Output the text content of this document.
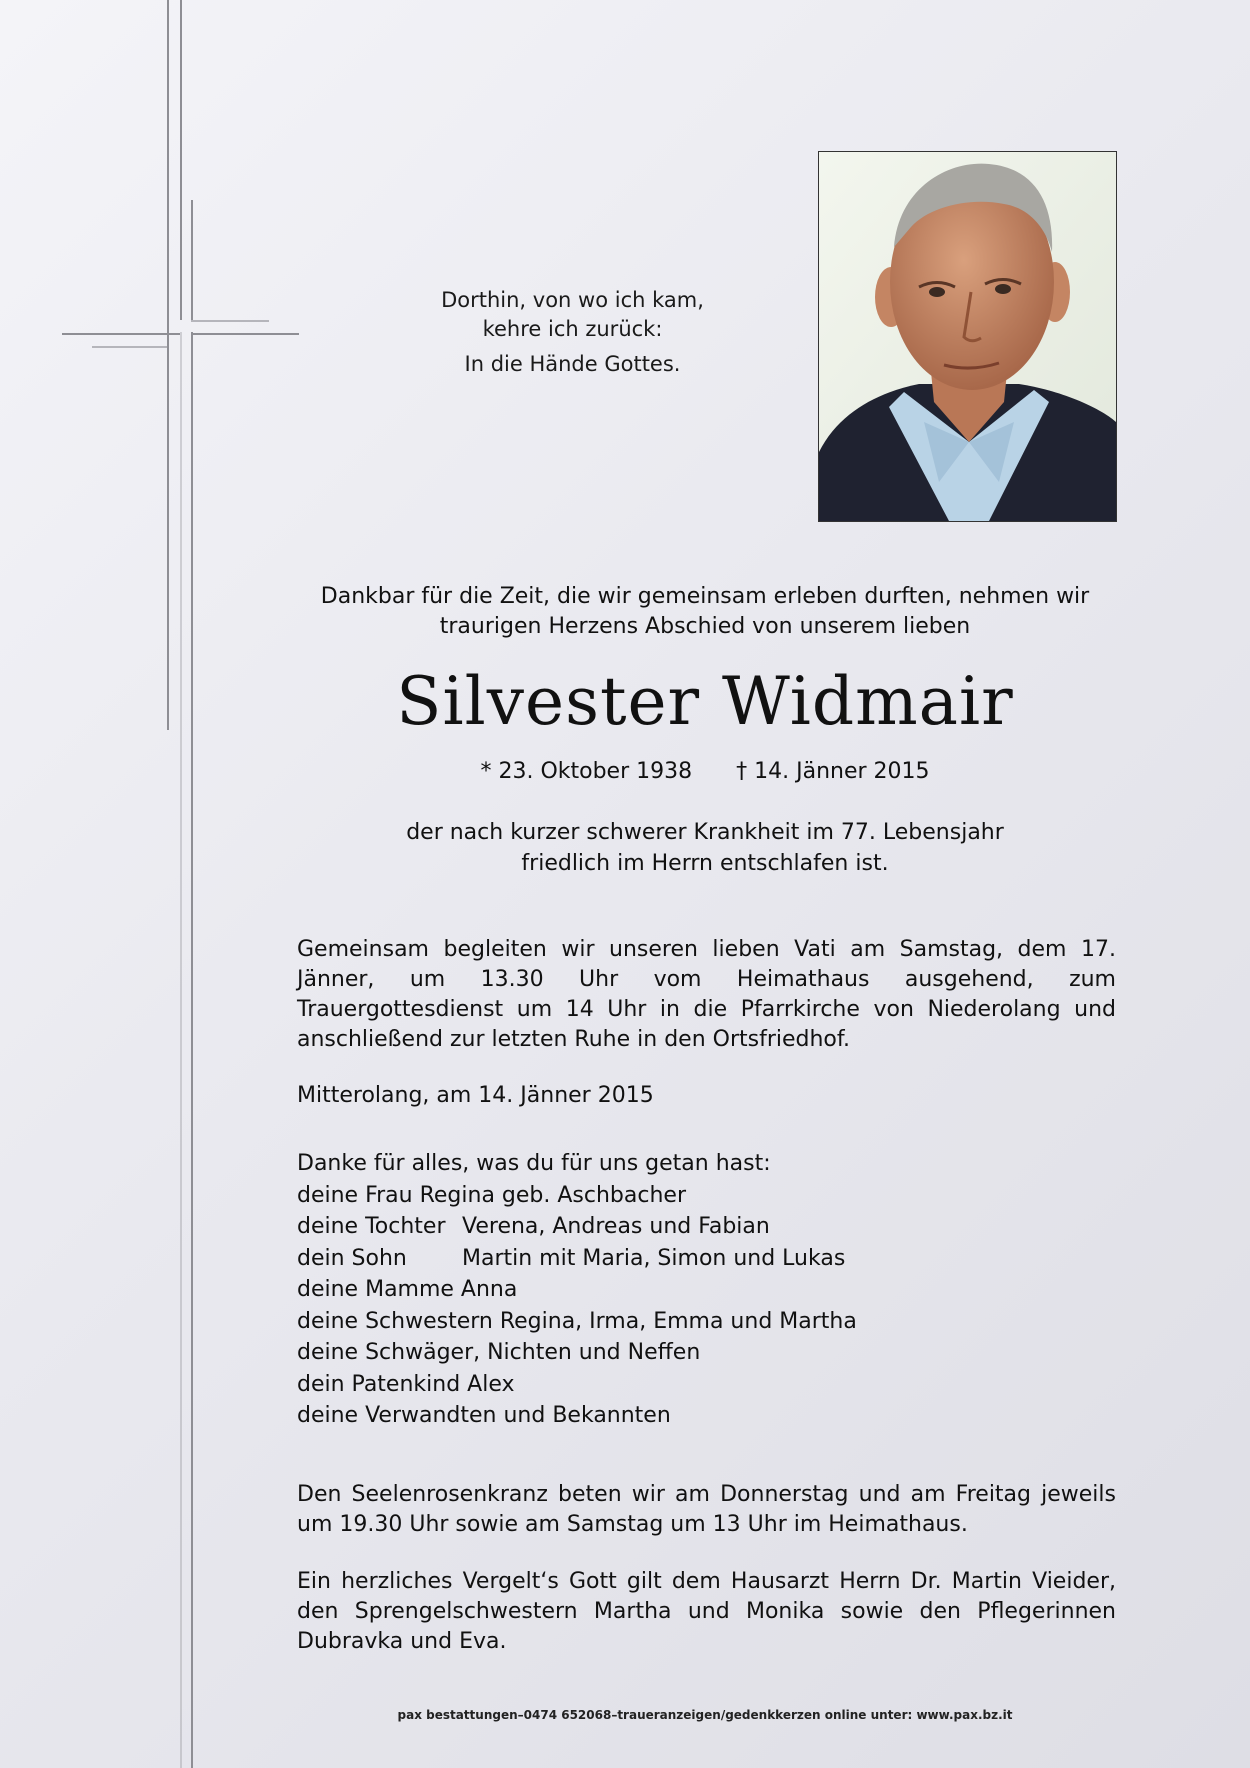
Dorthin, von wo ich kam,
kehre ich zurück:
In die Hände Gottes.
Dankbar für die Zeit, die wir gemeinsam erleben durften, nehmen wir
traurigen Herzens Abschied von unserem lieben
Silvester Widmair
* 23. Oktober 1938 † 14. Jänner 2015
der nach kurzer schwerer Krankheit im 77. Lebensjahr
friedlich im Herrn entschlafen ist.
Gemeinsam begleiten wir unseren lieben Vati am Samstag, dem 17. Jänner, um 13.30 Uhr vom Heimathaus ausgehend, zum Trauergottesdienst um 14 Uhr in die Pfarrkirche von Niederolang und anschließend zur letzten Ruhe in den Ortsfriedhof.
Mitterolang, am 14. Jänner 2015
Danke für alles, was du für uns getan hast:
deine Frau Regina geb. Aschbacher
deine Tochter Verena, Andreas und Fabian
dein Sohn	Martin mit Maria, Simon und Lukas
deine Mamme Anna
deine Schwestern Regina, Irma, Emma und Martha
deine Schwäger, Nichten und Neffen
dein Patenkind Alex
deine Verwandten und Bekannten
Den Seelenrosenkranz beten wir am Donnerstag und am Freitag jeweils um 19.30 Uhr sowie am Samstag um 13 Uhr im Heimathaus.
Ein herzliches Vergelt‘s Gott gilt dem Hausarzt Herrn Dr. Martin Vieider, den Sprengelschwestern Martha und Monika sowie den Pflegerinnen Dubravka und Eva.
pax bestattungen–0474 652068–traueranzeigen/gedenkkerzen online unter: www.pax.bz.it
